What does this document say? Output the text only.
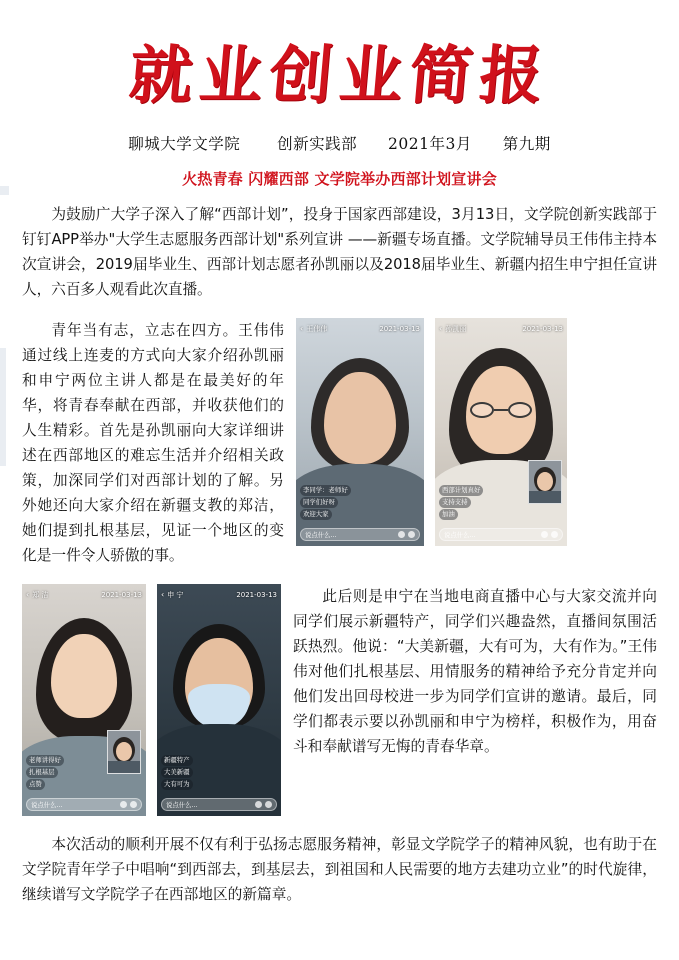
就业创业简报
聊城大学文学院 创新实践部 2021年3月 第九期
火热青春 闪耀西部 文学院举办西部计划宣讲会

为鼓励广大学子深入了解“西部计划”，投身于国家西部建设，3月13日，文学院创新实践部于钉钉APP举办"大学生志愿服务西部计划"系列宣讲 ——新疆专场直播。文学院辅导员王伟伟主持本次宣讲会，2019届毕业生、西部计划志愿者孙凯丽以及2018届毕业生、新疆内招生申宁担任宣讲人，六百多人观看此次直播。

青年当有志，立志在四方。王伟伟通过线上连麦的方式向大家介绍孙凯丽和申宁两位主讲人都是在最美好的年华，将青春奉献在西部，并收获他们的人生精彩。首先是孙凯丽向大家详细讲述在西部地区的难忘生活并介绍相关政策，加深同学们对西部计划的了解。另外她还向大家介绍在新疆支教的郑洁，她们提到扎根基层，见证一个地区的变化是一件令人骄傲的事。

‹ 王伟伟	2021-03-13
李同学：老师好
同学们好呀
欢迎大家
说点什么...
‹ 孙凯丽	2021-03-13
西部计划真好
支持支持
加油
说点什么...
‹ 郑 洁	2021-03-13
老师讲得好
扎根基层
点赞
说点什么...
‹ 申 宁	2021-03-13
新疆特产
大美新疆
大有可为
说点什么...

此后则是申宁在当地电商直播中心与大家交流并向同学们展示新疆特产，同学们兴趣盎然，直播间氛围活跃热烈。他说：“大美新疆，大有可为，大有作为。”王伟伟对他们扎根基层、用情服务的精神给予充分肯定并向他们发出回母校进一步为同学们宣讲的邀请。最后，同学们都表示要以孙凯丽和申宁为榜样，积极作为，用奋斗和奉献谱写无悔的青春华章。

本次活动的顺利开展不仅有利于弘扬志愿服务精神，彰显文学院学子的精神风貌，也有助于在文学院青年学子中唱响“到西部去，到基层去，到祖国和人民需要的地方去建功立业”的时代旋律，继续谱写文学院学子在西部地区的新篇章。
